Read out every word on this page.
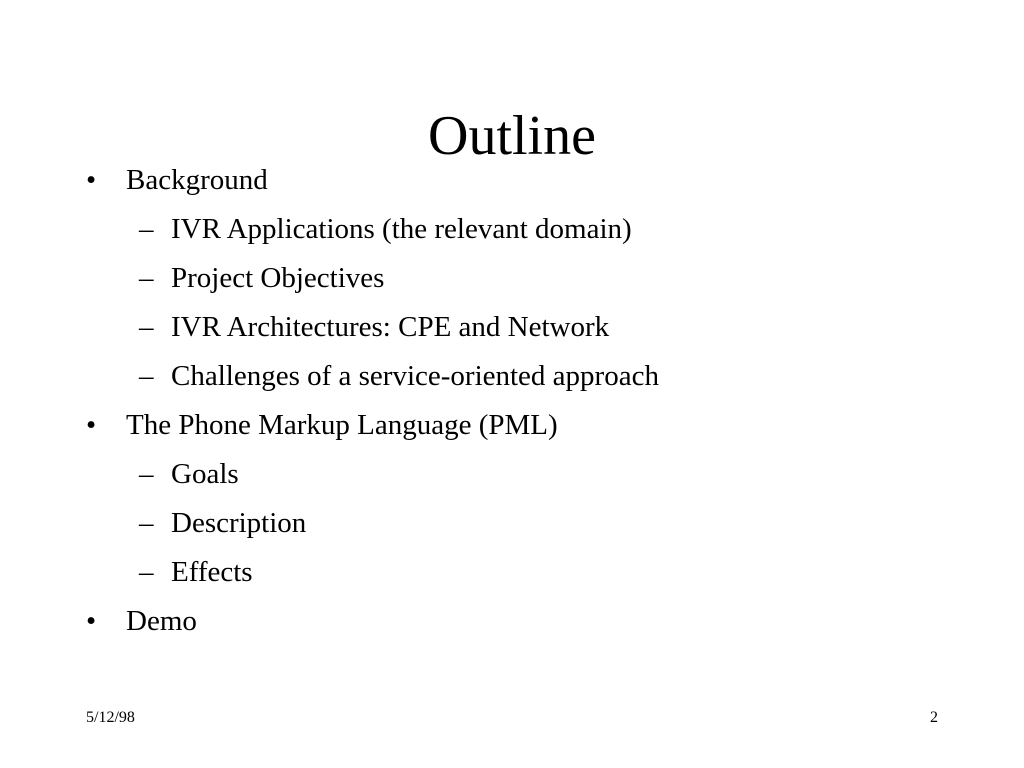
Outline
• Background
– IVR Applications (the relevant domain)
– Project Objectives
– IVR Architectures: CPE and Network
– Challenges of a service-oriented approach
• The Phone Markup Language (PML)
– Goals
– Description
– Effects
• Demo
5/12/98	2
